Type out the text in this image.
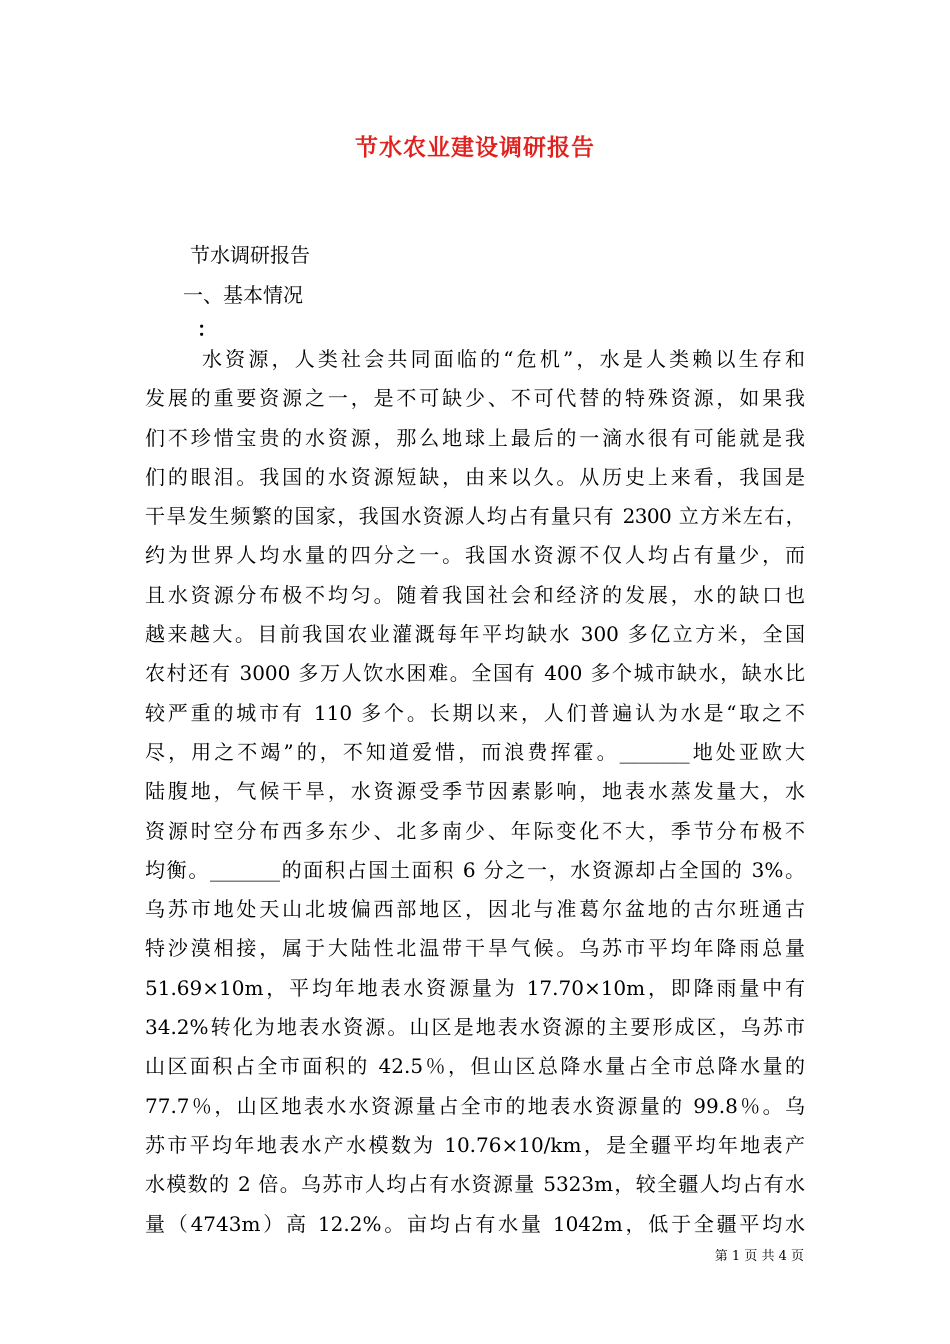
节水农业建设调研报告
节水调研报告
一、基本情况
：
水资源，人类社会共同面临的“危机”，水是人类赖以生存和
发展的重要资源之一，是不可缺少、不可代替的特殊资源，如果我
们不珍惜宝贵的水资源，那么地球上最后的一滴水很有可能就是我
们的眼泪。我国的水资源短缺，由来以久。从历史上来看，我国是
干旱发生频繁的国家，我国水资源人均占有量只有 2300 立方米左右，
约为世界人均水量的四分之一。我国水资源不仅人均占有量少，而
且水资源分布极不均匀。随着我国社会和经济的发展，水的缺口也
越来越大。目前我国农业灌溉每年平均缺水 300 多亿立方米，全国
农村还有 3000 多万人饮水困难。全国有 400 多个城市缺水，缺水比
较严重的城市有 110 多个。长期以来，人们普遍认为水是“取之不
尽，用之不竭”的，不知道爱惜，而浪费挥霍。_______地处亚欧大
陆腹地，气候干旱，水资源受季节因素影响，地表水蒸发量大，水
资源时空分布西多东少、北多南少、年际变化不大，季节分布极不
均衡。_______的面积占国土面积 6 分之一，水资源却占全国的 3%。
乌苏市地处天山北坡偏西部地区，因北与准葛尔盆地的古尔班通古
特沙漠相接，属于大陆性北温带干旱气候。乌苏市平均年降雨总量
51.69×10m，平均年地表水资源量为 17.70×10m，即降雨量中有
34.2%转化为地表水资源。山区是地表水资源的主要形成区，乌苏市
山区面积占全市面积的 42.5％，但山区总降水量占全市总降水量的
77.7％，山区地表水水资源量占全市的地表水资源量的 99.8％。乌
苏市平均年地表水产水模数为 10.76×10/km，是全疆平均年地表产
水模数的 2 倍。乌苏市人均占有水资源量 5323m，较全疆人均占有水
量（4743m）高 12.2%。亩均占有水量 1042m，低于全疆平均水
第 1 页 共 4 页
